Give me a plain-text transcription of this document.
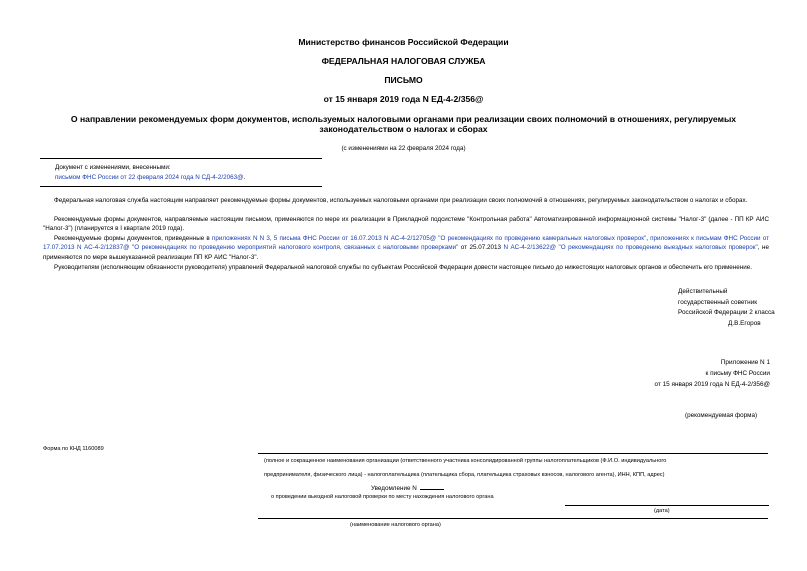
Министерство финансов Российской Федерации
ФЕДЕРАЛЬНАЯ НАЛОГОВАЯ СЛУЖБА
ПИСЬМО
от 15 января 2019 года N ЕД-4-2/356@
О направлении рекомендуемых форм документов, используемых налоговыми органами при реализации своих полномочий в отношениях, регулируемых
законодательством о налогах и сборах
(с изменениями на 22 февраля 2024 года)
Документ с изменениями, внесенными:
письмом ФНС России от 22 февраля 2024 года N СД-4-2/2063@.
Федеральная налоговая служба настоящим направляет рекомендуемые формы документов, используемых налоговыми органами при реализации своих полномочий в отношениях, регулируемых законодательством о налогах и сборах.
Рекомендуемые формы документов, направляемые настоящим письмом, применяются по мере их реализации в Прикладной подсистеме "Контрольная работа" Автоматизированной информационной системы "Налог-3" (далее - ПП КР АИС "Налог-3") (планируется в I квартале 2019 года).
Рекомендуемые формы документов, приведенные в приложениях N N 3, 5 письма ФНС России от 16.07.2013 N АС-4-2/12705@ "О рекомендациях по проведению камеральных налоговых проверок", приложениях к письмам ФНС России от 17.07.2013 N АС-4-2/12837@ "О рекомендациях по проведению мероприятий налогового контроля, связанных с налоговыми проверками" от 25.07.2013 N АС-4-2/13622@ "О рекомендациях по проведению выездных налоговых проверок", не применяются по мере вышеуказанной реализации ПП КР АИС "Налог-3".
Руководителям (исполняющим обязанности руководителя) управлений Федеральной налоговой службы по субъектам Российской Федерации довести настоящее письмо до нижестоящих налоговых органов и обеспечить его применение.
Действительный
государственный советник
Российской Федерации 2 класса
Д.В.Егоров
Приложение N 1
к письму ФНС России
от 15 января 2019 года N ЕД-4-2/356@
(рекомендуемая форма)
Форма по КНД 1160089
(полное и сокращенное наименования организации (ответственного участника консолидированной группы налогоплательщиков (Ф.И.О. индивидуального
предпринимателя, физического лица) - налогоплательщика (плательщика сбора, плательщика страховых взносов, налогового агента), ИНН, КПП, адрес)
Уведомление N
о проведении выездной налоговой проверки по месту нахождения налогового органа
(дата)
(наименование налогового органа)
